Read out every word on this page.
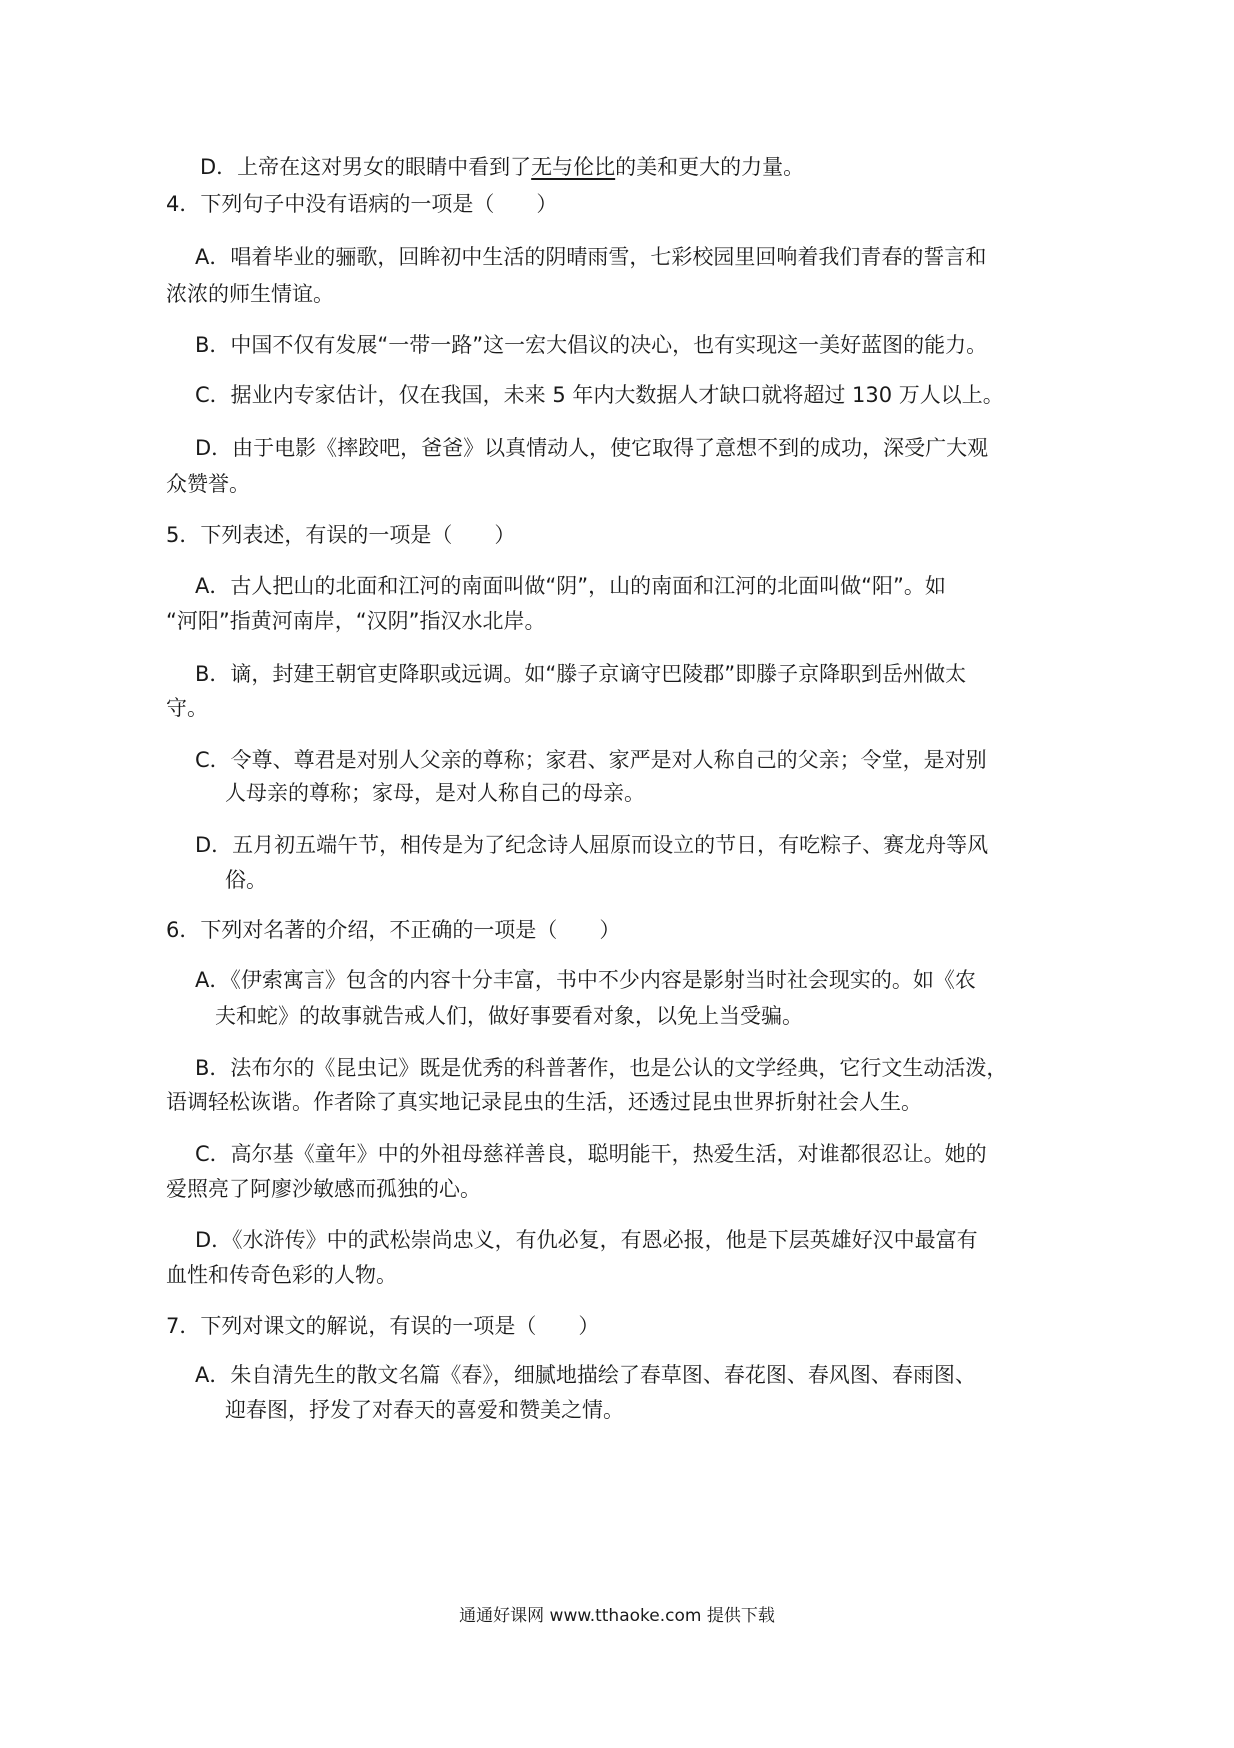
D．上帝在这对男女的眼睛中看到了无与伦比的美和更大的力量。
4．下列句子中没有语病的一项是（　　）
A．唱着毕业的骊歌，回眸初中生活的阴晴雨雪，七彩校园里回响着我们青春的誓言和
浓浓的师生情谊。
B．中国不仅有发展“一带一路”这一宏大倡议的决心，也有实现这一美好蓝图的能力。
C．据业内专家估计，仅在我国，未来 5 年内大数据人才缺口就将超过 130 万人以上。
D．由于电影《摔跤吧，爸爸》以真情动人，使它取得了意想不到的成功，深受广大观
众赞誉。
5．下列表述，有误的一项是（　　）
A．古人把山的北面和江河的南面叫做“阴”，山的南面和江河的北面叫做“阳”。如
“河阳”指黄河南岸，“汉阴”指汉水北岸。
B．谪，封建王朝官吏降职或远调。如“滕子京谪守巴陵郡”即滕子京降职到岳州做太
守。
C．令尊、尊君是对别人父亲的尊称；家君、家严是对人称自己的父亲；令堂，是对别
人母亲的尊称；家母，是对人称自己的母亲。
D．五月初五端午节，相传是为了纪念诗人屈原而设立的节日，有吃粽子、赛龙舟等风
俗。
6．下列对名著的介绍，不正确的一项是（　　）
A．《伊索寓言》包含的内容十分丰富，书中不少内容是影射当时社会现实的。如《农
夫和蛇》的故事就告戒人们，做好事要看对象，以免上当受骗。
B．法布尔的《昆虫记》既是优秀的科普著作，也是公认的文学经典，它行文生动活泼，
语调轻松诙谐。作者除了真实地记录昆虫的生活，还透过昆虫世界折射社会人生。
C．高尔基《童年》中的外祖母慈祥善良，聪明能干，热爱生活，对谁都很忍让。她的
爱照亮了阿廖沙敏感而孤独的心。
D．《水浒传》中的武松崇尚忠义，有仇必复，有恩必报，他是下层英雄好汉中最富有
血性和传奇色彩的人物。
7．下列对课文的解说，有误的一项是（　　）
A．朱自清先生的散文名篇《春》，细腻地描绘了春草图、春花图、春风图、春雨图、
迎春图，抒发了对春天的喜爱和赞美之情。
通通好课网 www.tthaoke.com 提供下载
